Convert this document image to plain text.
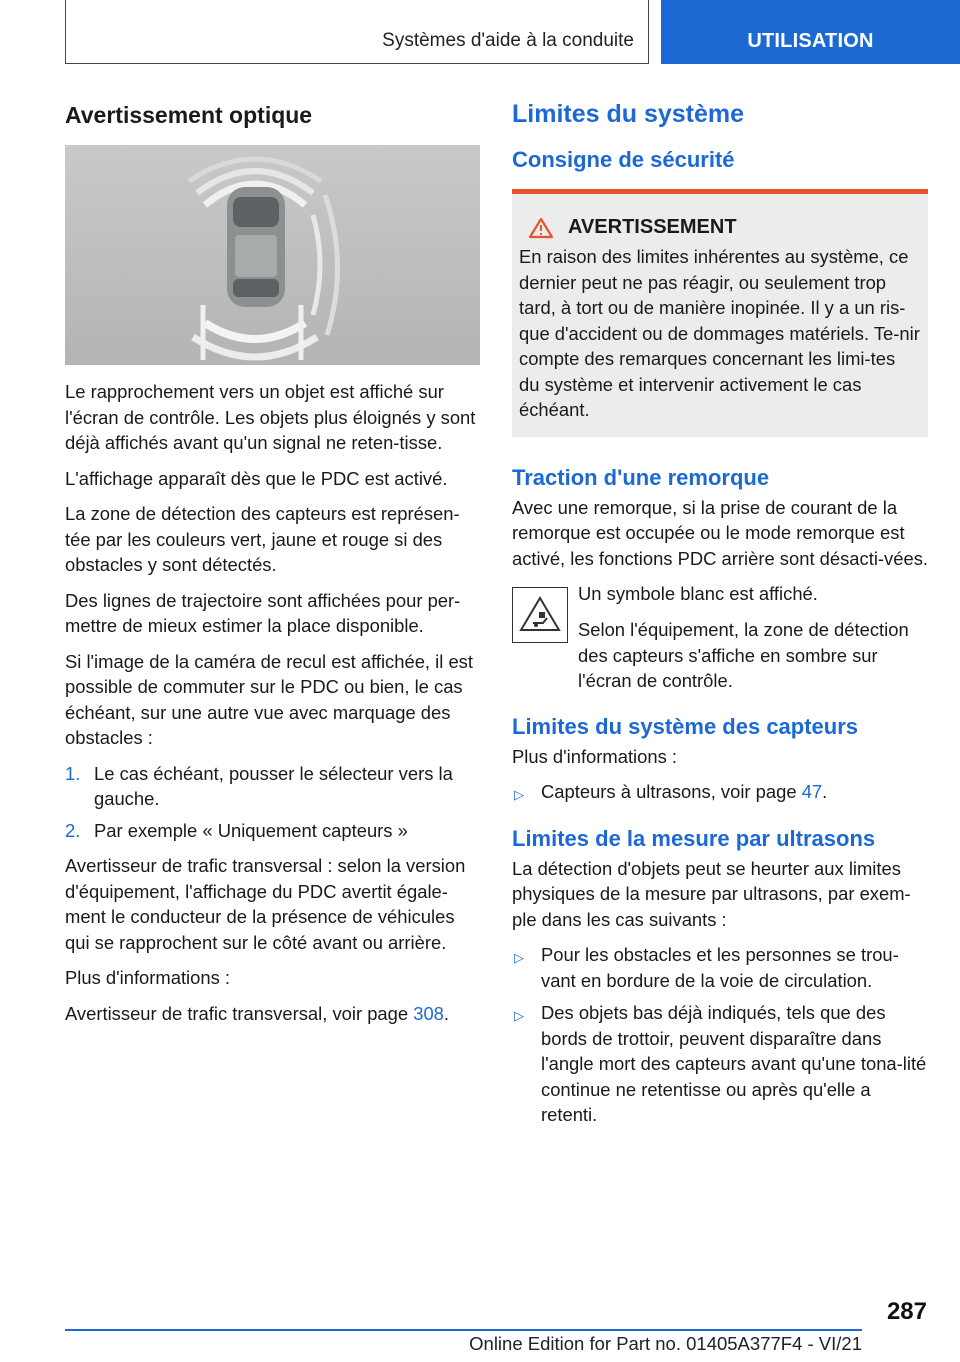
Systèmes d'aide à la conduite	UTILISATION
Avertissement optique

Le rapprochement vers un objet est affiché sur l'écran de contrôle. Les objets plus éloignés y sont déjà affichés avant qu'un signal ne reten-tisse.

L'affichage apparaît dès que le PDC est activé.

La zone de détection des capteurs est représen-tée par les couleurs vert, jaune et rouge si des obstacles y sont détectés.

Des lignes de trajectoire sont affichées pour per-mettre de mieux estimer la place disponible.

Si l'image de la caméra de recul est affichée, il est possible de commuter sur le PDC ou bien, le cas échéant, sur une autre vue avec marquage des obstacles :

1. Le cas échéant, pousser le sélecteur vers la gauche.
2. Par exemple « Uniquement capteurs »

Avertisseur de trafic transversal : selon la version d'équipement, l'affichage du PDC avertit égale-ment le conducteur de la présence de véhicules qui se rapprochent sur le côté avant ou arrière.

Plus d'informations :

Avertisseur de trafic transversal, voir page 308.

Limites du système
Consigne de sécurité
AVERTISSEMENT

En raison des limites inhérentes au système, ce dernier peut ne pas réagir, ou seulement trop tard, à tort ou de manière inopinée. Il y a un ris-que d'accident ou de dommages matériels. Te-nir compte des remarques concernant les limi-tes du système et intervenir activement le cas échéant.

Traction d'une remorque

Avec une remorque, si la prise de courant de la remorque est occupée ou le mode remorque est activé, les fonctions PDC arrière sont désacti-vées.

Un symbole blanc est affiché.

Selon l'équipement, la zone de détection des capteurs s'affiche en sombre sur l'écran de contrôle.

Limites du système des capteurs

Plus d'informations :

▷ Capteurs à ultrasons, voir page 47.
Limites de la mesure par ultrasons

La détection d'objets peut se heurter aux limites physiques de la mesure par ultrasons, par exem-ple dans les cas suivants :

▷ Pour les obstacles et les personnes se trou-vant en bordure de la voie de circulation.
▷ Des objets bas déjà indiqués, tels que des bords de trottoir, peuvent disparaître dans l'angle mort des capteurs avant qu'une tona-lité continue ne retentisse ou après qu'elle a retenti.
287
Online Edition for Part no. 01405A377F4 - VI/21
